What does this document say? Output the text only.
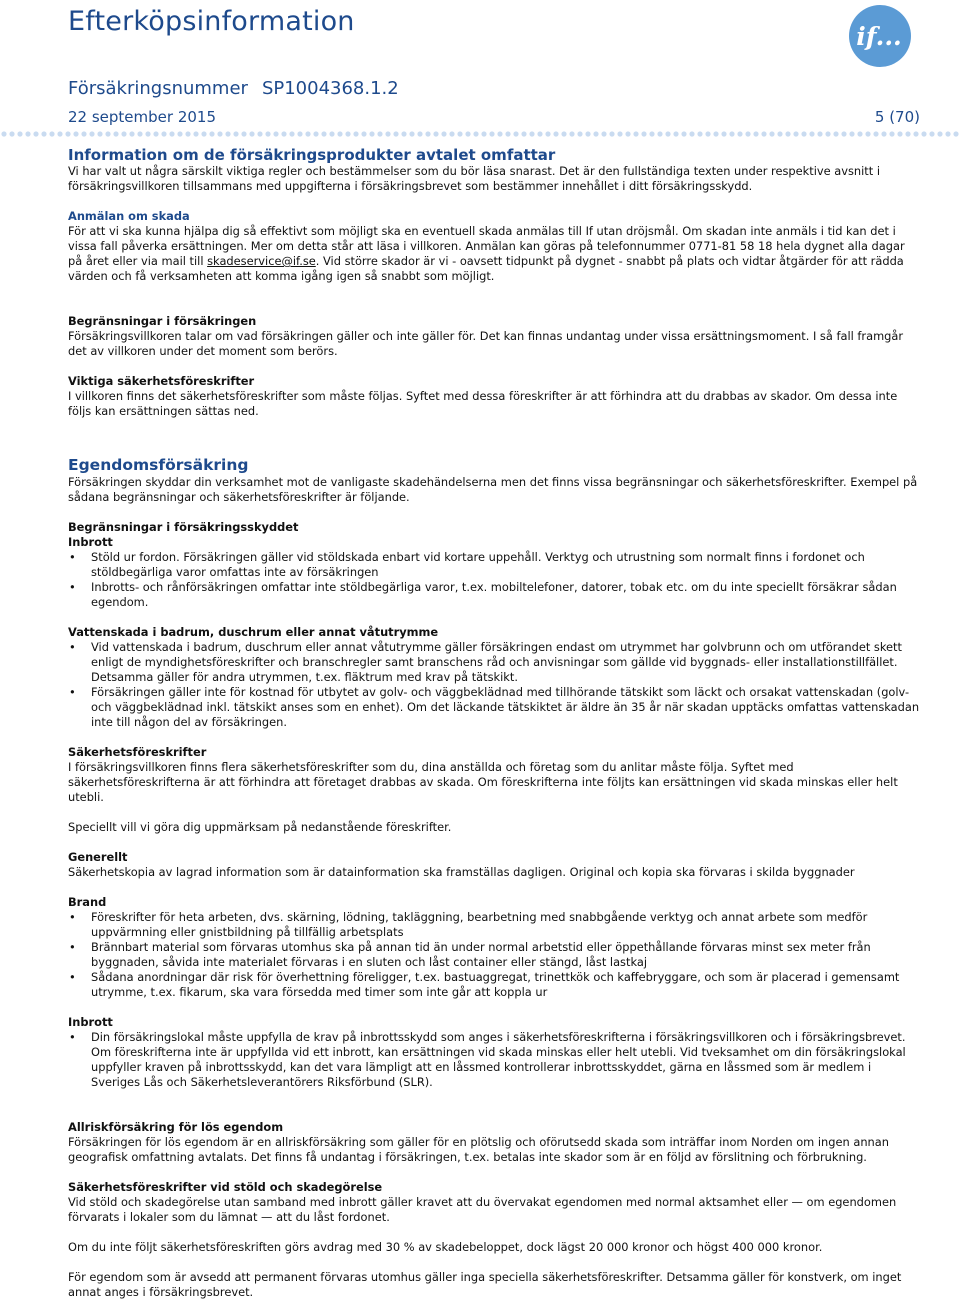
Efterköpsinformation	if...
Försäkringsnummer SP1004368.1.2
22 september 2015	5 (70)
Information om de försäkringsprodukter avtalet omfattar

Vi har valt ut några särskilt viktiga regler och bestämmelser som du bör läsa snarast. Det är den fullständiga texten under respektive avsnitt i försäkringsvillkoren tillsammans med uppgifterna i försäkringsbrevet som bestämmer innehållet i ditt försäkringsskydd.

Anmälan om skada

För att vi ska kunna hjälpa dig så effektivt som möjligt ska en eventuell skada anmälas till If utan dröjsmål. Om skadan inte anmäls i tid kan det i vissa fall påverka ersättningen. Mer om detta står att läsa i villkoren. Anmälan kan göras på telefonnummer 0771-81 58 18 hela dygnet alla dagar på året eller via mail till skadeservice@if.se. Vid större skador är vi - oavsett tidpunkt på dygnet - snabbt på plats och vidtar åtgärder för att rädda värden och få verksamheten att komma igång igen så snabbt som möjligt.

Begränsningar i försäkringen

Försäkringsvillkoren talar om vad försäkringen gäller och inte gäller för. Det kan finnas undantag under vissa ersättningsmoment. I så fall framgår det av villkoren under det moment som berörs.

Viktiga säkerhetsföreskrifter

I villkoren finns det säkerhetsföreskrifter som måste följas. Syftet med dessa föreskrifter är att förhindra att du drabbas av skador. Om dessa inte följs kan ersättningen sättas ned.

Egendomsförsäkring

Försäkringen skyddar din verksamhet mot de vanligaste skadehändelserna men det finns vissa begränsningar och säkerhetsföreskrifter. Exempel på sådana begränsningar och säkerhetsföreskrifter är följande.

Begränsningar i försäkringsskyddet

Inbrott

• Stöld ur fordon. Försäkringen gäller vid stöldskada enbart vid kortare uppehåll. Verktyg och utrustning som normalt finns i fordonet och stöldbegärliga varor omfattas inte av försäkringen
• Inbrotts- och rånförsäkringen omfattar inte stöldbegärliga varor, t.ex. mobiltelefoner, datorer, tobak etc. om du inte speciellt försäkrar sådan egendom.

Vattenskada i badrum, duschrum eller annat våtutrymme

• Vid vattenskada i badrum, duschrum eller annat våtutrymme gäller försäkringen endast om utrymmet har golvbrunn och om utförandet skett enligt de myndighetsföreskrifter och branschregler samt branschens råd och anvisningar som gällde vid byggnads- eller installationstillfället. Detsamma gäller för andra utrymmen, t.ex. fläktrum med krav på tätskikt.
• Försäkringen gäller inte för kostnad för utbytet av golv- och väggbeklädnad med tillhörande tätskikt som läckt och orsakat vattenskadan (golv- och väggbeklädnad inkl. tätskikt anses som en enhet). Om det läckande tätskiktet är äldre än 35 år när skadan upptäcks omfattas vattenskadan inte till någon del av försäkringen.

Säkerhetsföreskrifter

I försäkringsvillkoren finns flera säkerhetsföreskrifter som du, dina anställda och företag som du anlitar måste följa. Syftet med säkerhetsföreskrifterna är att förhindra att företaget drabbas av skada. Om föreskrifterna inte följts kan ersättningen vid skada minskas eller helt utebli.

Speciellt vill vi göra dig uppmärksam på nedanstående föreskrifter.

Generellt

Säkerhetskopia av lagrad information som är datainformation ska framställas dagligen. Original och kopia ska förvaras i skilda byggnader

Brand

• Föreskrifter för heta arbeten, dvs. skärning, lödning, takläggning, bearbetning med snabbgående verktyg och annat arbete som medför uppvärmning eller gnistbildning på tillfällig arbetsplats
• Brännbart material som förvaras utomhus ska på annan tid än under normal arbetstid eller öppethållande förvaras minst sex meter från byggnaden, såvida inte materialet förvaras i en sluten och låst container eller stängd, låst lastkaj
• Sådana anordningar där risk för överhettning föreligger, t.ex. bastuaggregat, trinettkök och kaffebryggare, och som är placerad i gemensamt utrymme, t.ex. fikarum, ska vara försedda med timer som inte går att koppla ur

Inbrott

• Din försäkringslokal måste uppfylla de krav på inbrottsskydd som anges i säkerhetsföreskrifterna i försäkringsvillkoren och i försäkringsbrevet. Om föreskrifterna inte är uppfyllda vid ett inbrott, kan ersättningen vid skada minskas eller helt utebli. Vid tveksamhet om din försäkringslokal uppfyller kraven på inbrottsskydd, kan det vara lämpligt att en låssmed kontrollerar inbrottsskyddet, gärna en låssmed som är medlem i Sveriges Lås och Säkerhetsleverantörers Riksförbund (SLR).

Allriskförsäkring för lös egendom

Försäkringen för lös egendom är en allriskförsäkring som gäller för en plötslig och oförutsedd skada som inträffar inom Norden om ingen annan geografisk omfattning avtalats. Det finns få undantag i försäkringen, t.ex. betalas inte skador som är en följd av förslitning och förbrukning.

Säkerhetsföreskrifter vid stöld och skadegörelse

Vid stöld och skadegörelse utan samband med inbrott gäller kravet att du övervakat egendomen med normal aktsamhet eller — om egendomen förvarats i lokaler som du lämnat — att du låst fordonet.

Om du inte följt säkerhetsföreskriften görs avdrag med 30 % av skadebeloppet, dock lägst 20 000 kronor och högst 400 000 kronor.

För egendom som är avsedd att permanent förvaras utomhus gäller inga speciella säkerhetsföreskrifter. Detsamma gäller för konstverk, om inget annat anges i försäkringsbrevet.
